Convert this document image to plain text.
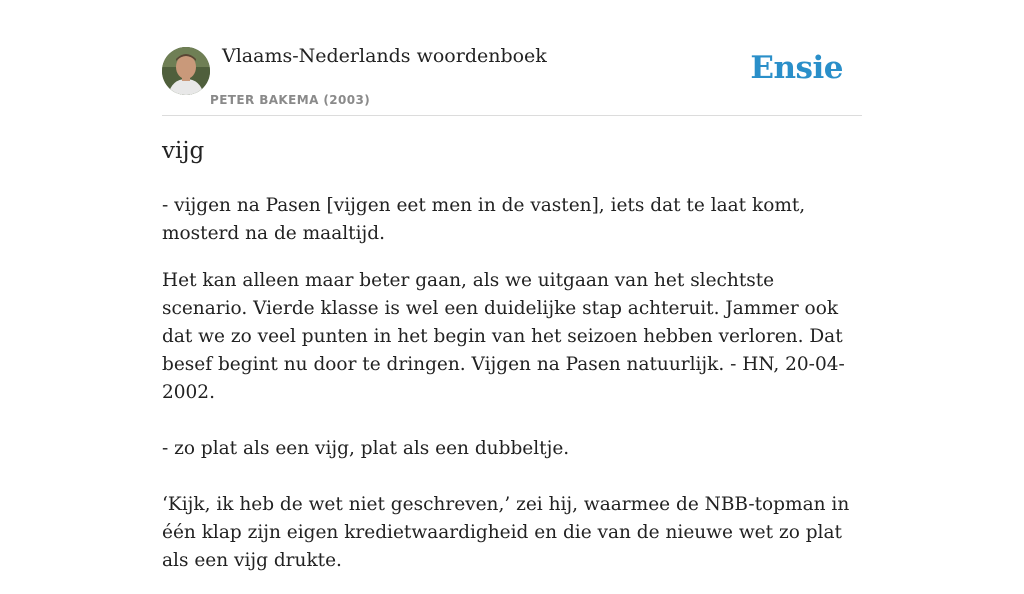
Vlaams-Nederlands woordenboek
PETER BAKEMA (2003)
Ensie
vijg

- vijgen na Pasen [vijgen eet men in de vasten], iets dat te laat komt, mosterd na de maaltijd.

Het kan alleen maar beter gaan, als we uitgaan van het slechtste scenario. Vierde klasse is wel een duidelijke stap achteruit. Jammer ook dat we zo veel punten in het begin van het seizoen hebben verloren. Dat besef begint nu door te dringen. Vijgen na Pasen natuurlijk. - HN, 20-04-2002.

- zo plat als een vijg, plat als een dubbeltje.

‘Kijk, ik heb de wet niet geschreven,’ zei hij, waarmee de NBB-topman in één klap zijn eigen kredietwaardigheid en die van de nieuwe wet zo plat als een vijg drukte.
